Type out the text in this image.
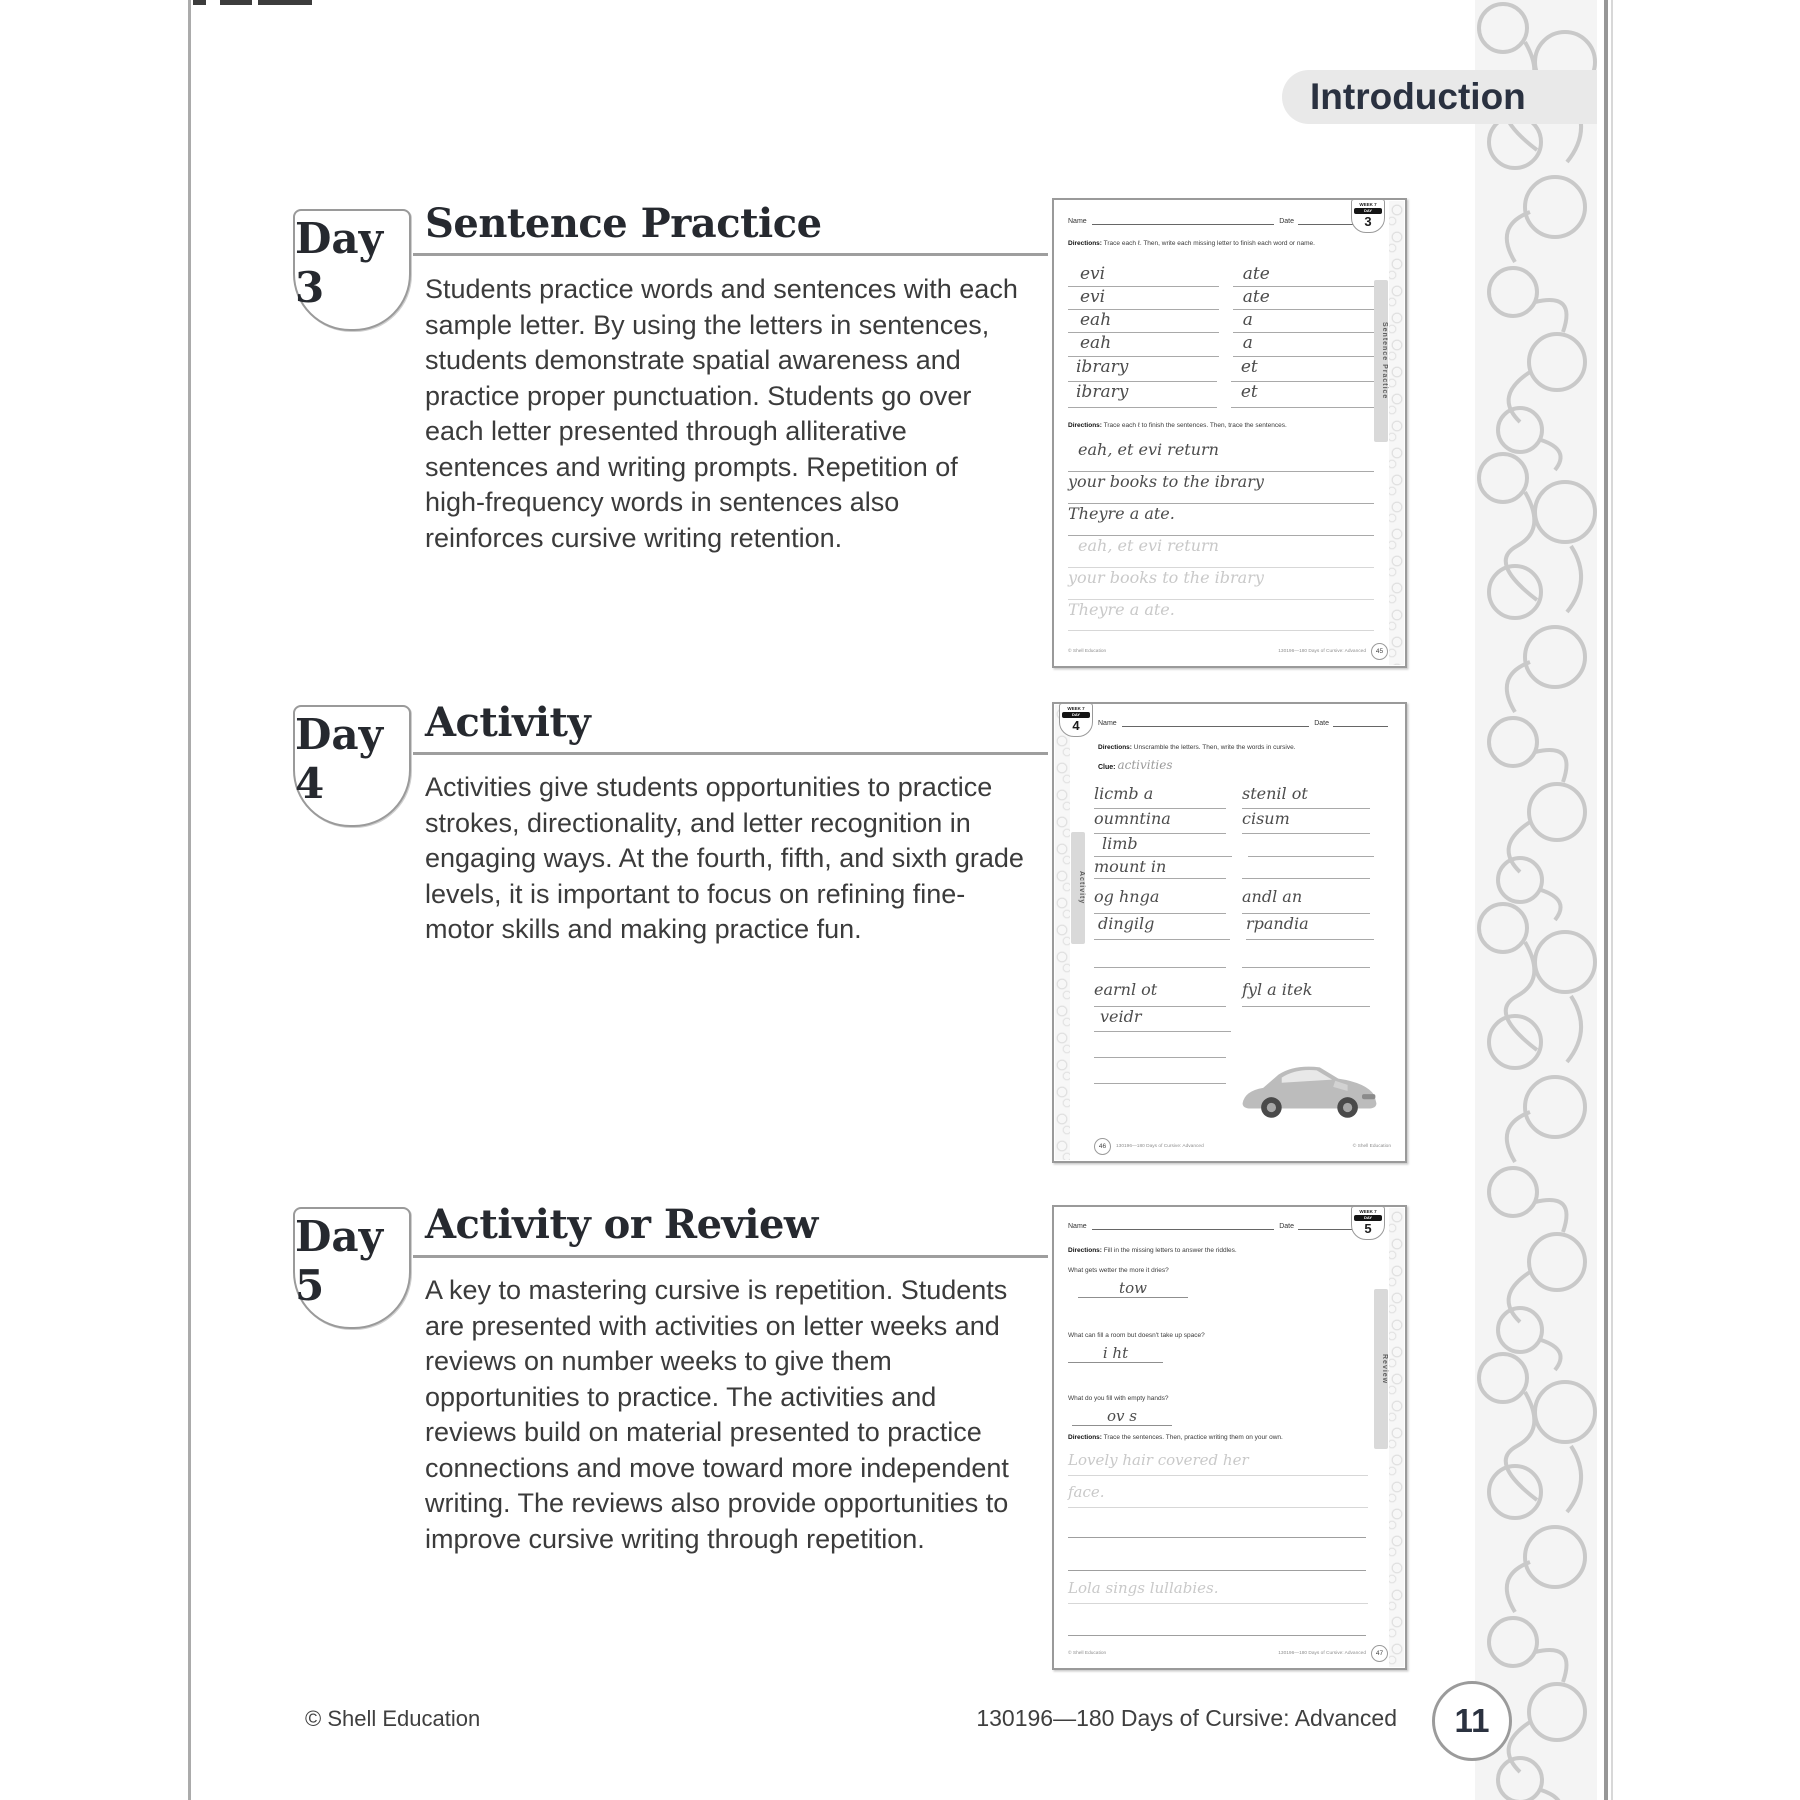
Introduction
Day 3
Sentence Practice
Students practice words and sentences with each sample letter. By using the letters in sentences, students demonstrate spatial awareness and practice proper punctuation. Students go over each letter presented through alliterative sentences and writing prompts. Repetition of high-frequency words in sentences also reinforces cursive writing retention.
Day 4
Activity
Activities give students opportunities to practice strokes, directionality, and letter recognition in engaging ways. At the fourth, fifth, and sixth grade levels, it is important to focus on refining fine-motor skills and making practice fun.
Day 5
Activity or Review
A key to mastering cursive is repetition. Students are presented with activities on letter weeks and reviews on number weeks to give them opportunities to practice. The activities and reviews build on material presented to practice connections and move toward more independent writing. The reviews also provide opportunities to improve cursive writing through repetition.
Sentence Practice
WEEK 7
DAY
3
Name	Date
Directions: Trace each ℓ. Then, write each missing letter to finish each word or name.
evi	ate
evi	ate
eah	a
eah	a
ibrary	et
ibrary	et
Directions: Trace each ℓ to finish the sentences. Then, trace the sentences.
eah, et evi return
your books to the ibrary
Theyre a ate.
eah, et evi return
your books to the ibrary
Theyre a ate.
© Shell Education	130196—180 Days of Cursive: Advanced	45
Activity
WEEK 7
DAY
4	Name	Date
Directions: Unscramble the letters. Then, write the words in cursive.
Clue: activities
licmb a	stenil ot
oumntina	cisum
limb
mount in
og hnga	andl an
dingilg	rpandia
earnl ot	fyl a itek
veidr
46	130196—180 Days of Cursive: Advanced	© Shell Education
Review
WEEK 7
DAY
5
Name	Date
Directions: Fill in the missing letters to answer the riddles.
What gets wetter the more it dries?
tow
What can fill a room but doesn't take up space?
i ht
What do you fill with empty hands?
ov s
Directions: Trace the sentences. Then, practice writing them on your own.
Lovely hair covered her
face.
Lola sings lullabies.
© Shell Education	130196—180 Days of Cursive: Advanced	47
© Shell Education	130196—180 Days of Cursive: Advanced 11
